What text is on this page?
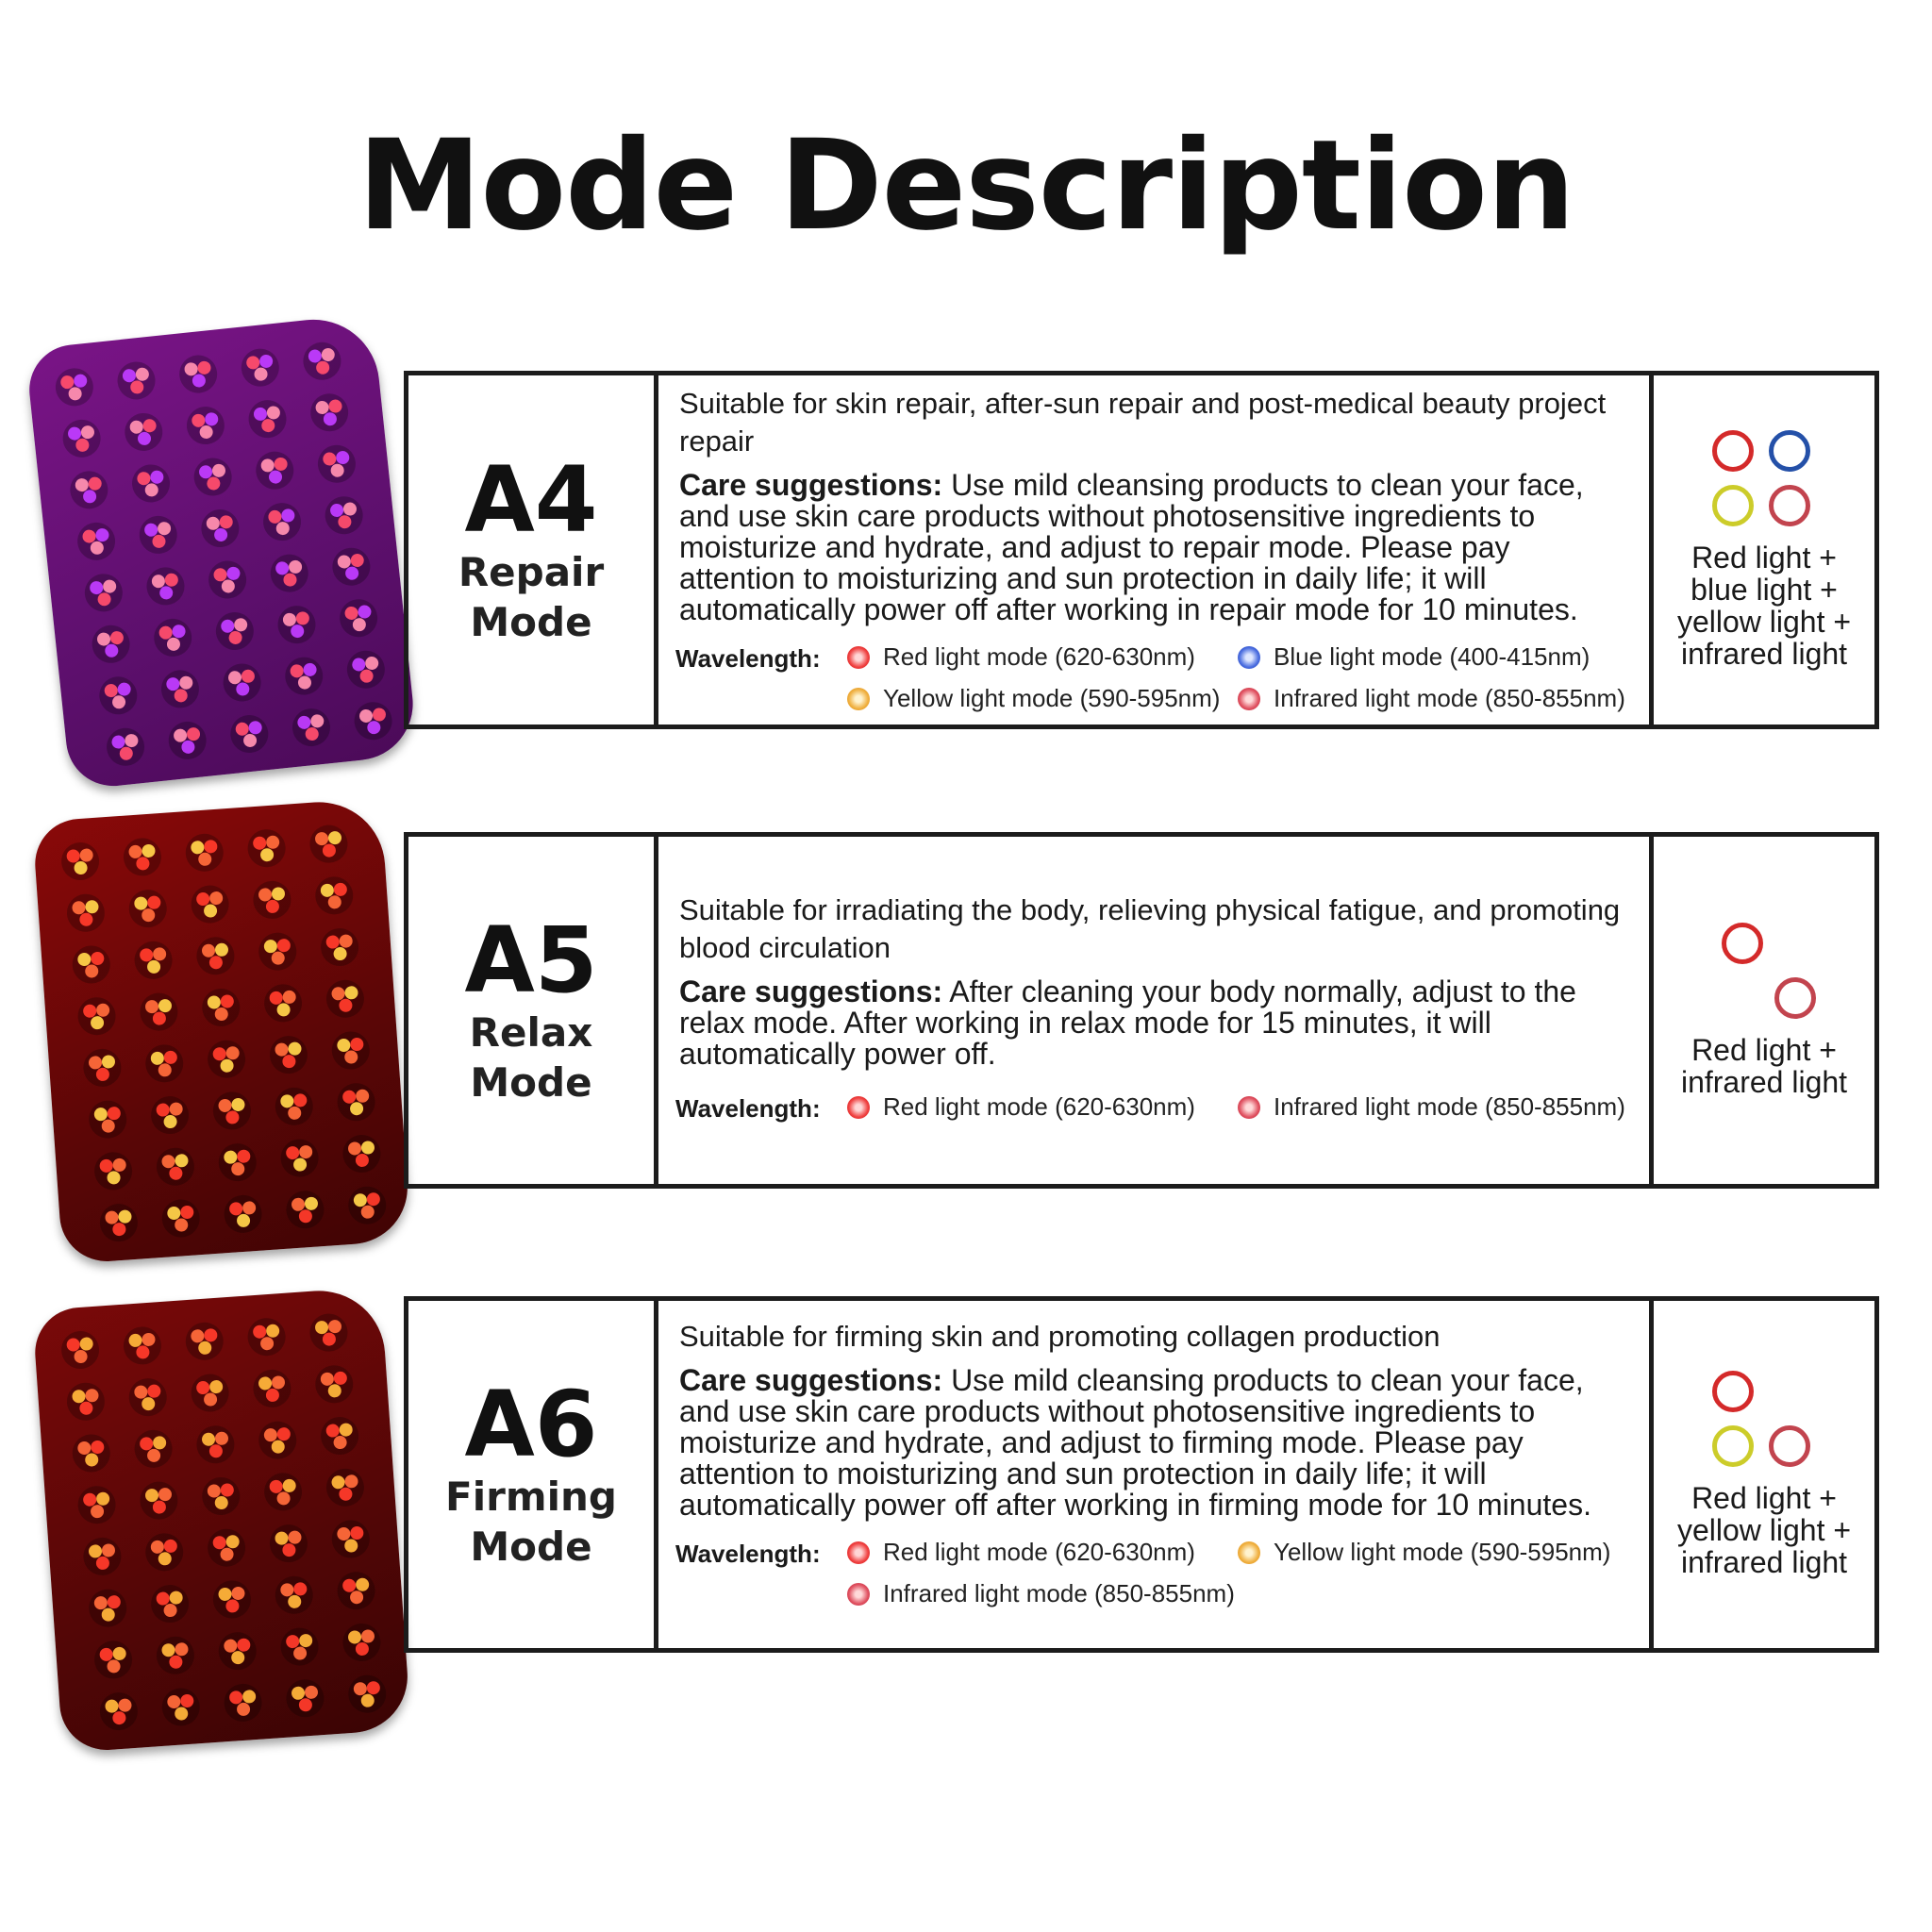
Mode Description
A4
Repair
Mode
Suitable for skin repair, after-sun repair and post-medical beauty project repair
Care suggestions: Use mild cleansing products to clean your face, and use skin care products without photosensitive ingredients to moisturize and hydrate, and adjust to repair mode. Please pay attention to moisturizing and sun protection in daily life; it will automatically power off after working in repair mode for 10 minutes.
Wavelength:	Red light mode (620-630nm)	Blue light mode (400-415nm)
Yellow light mode (590-595nm) Infrared light mode (850-855nm)
Red light +
blue light +
yellow light +
infrared light
A5
Relax
Mode
Suitable for irradiating the body, relieving physical fatigue, and promoting blood circulation
Care suggestions: After cleaning your body normally, adjust to the relax mode. After working in relax mode for 15 minutes, it will automatically power off.
Wavelength:	Red light mode (620-630nm)	Infrared light mode (850-855nm)
Red light +
infrared light
A6
Firming
Mode
Suitable for firming skin and promoting collagen production
Care suggestions: Use mild cleansing products to clean your face, and use skin care products without photosensitive ingredients to moisturize and hydrate, and adjust to firming mode. Please pay attention to moisturizing and sun protection in daily life; it will automatically power off after working in firming mode for 10 minutes.
Wavelength:	Red light mode (620-630nm)	Yellow light mode (590-595nm)
Infrared light mode (850-855nm)
Red light +
yellow light +
infrared light
